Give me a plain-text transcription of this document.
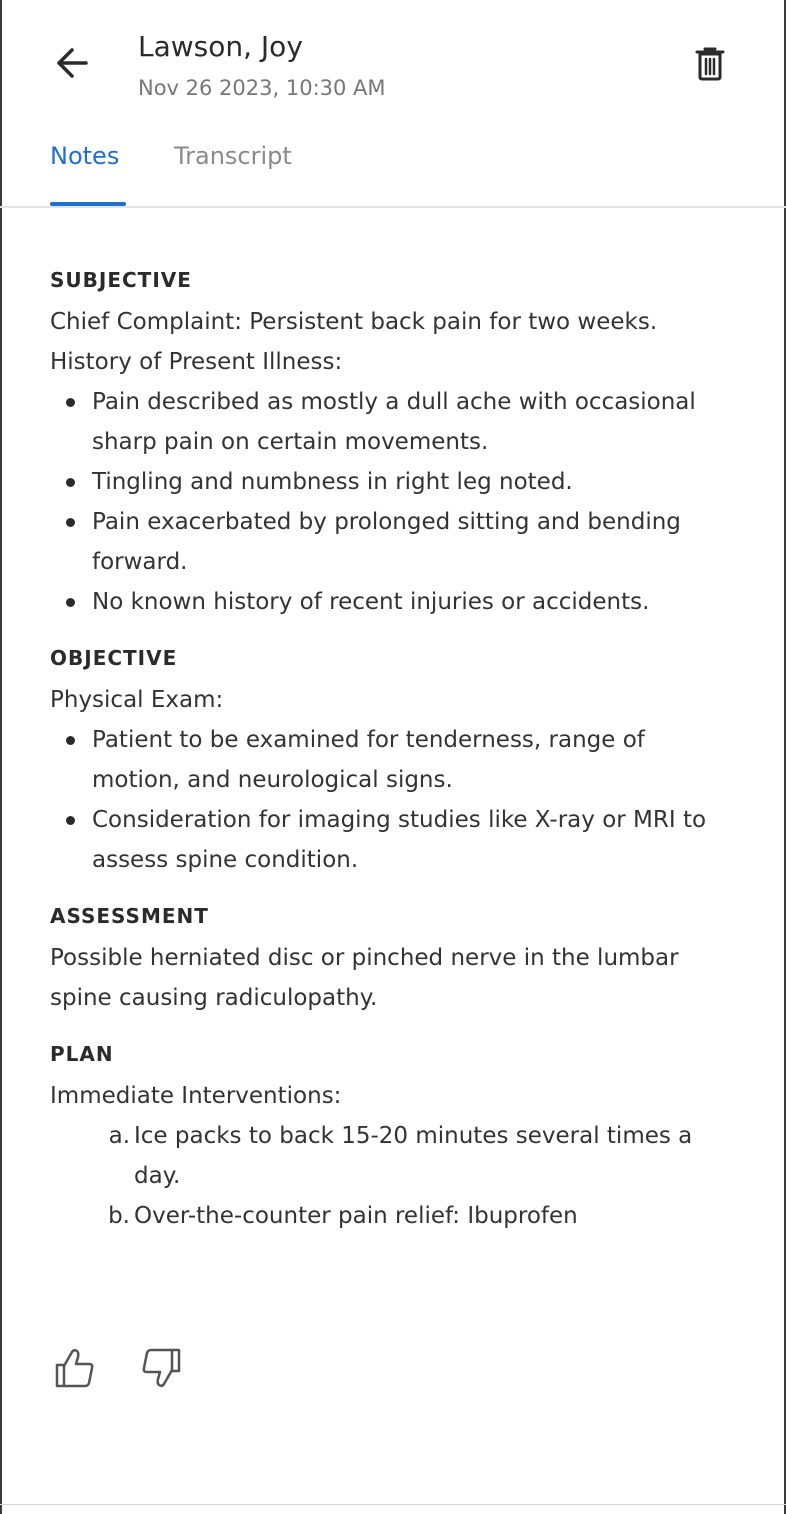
Lawson, Joy
Nov 26 2023, 10:30 AM
Notes Transcript
SUBJECTIVE
Chief Complaint: Persistent back pain for two weeks.
History of Present Illness:
Pain described as mostly a dull ache with occasional sharp pain on certain movements.
Tingling and numbness in right leg noted.
Pain exacerbated by prolonged sitting and bending forward.
No known history of recent injuries or accidents.
OBJECTIVE
Physical Exam:
Patient to be examined for tenderness, range of motion, and neurological signs.
Consideration for imaging studies like X-ray or MRI to assess spine condition.
ASSESSMENT
Possible herniated disc or pinched nerve in the lumbar spine causing radiculopathy.
PLAN
Immediate Interventions:
a. Ice packs to back 15-20 minutes several times a day.
b. Over-the-counter pain relief: Ibuprofen
